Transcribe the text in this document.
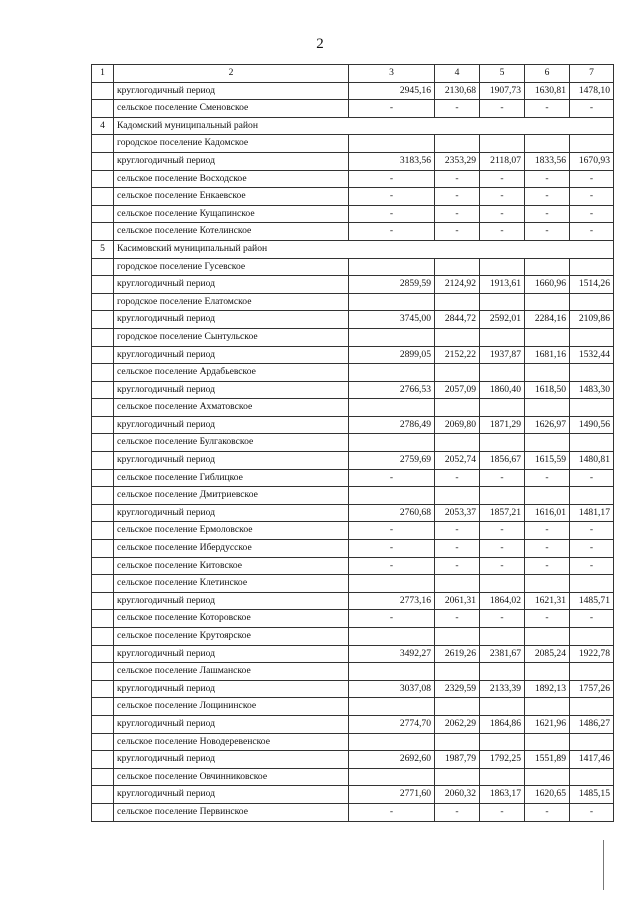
2
1	2	3	4	5	6	7
	круглогодичный период	2945,16	2130,68	1907,73	1630,81	1478,10
	сельское поселение Сменовское	-	-	-	-	-
4	Кадомский муниципальный район					
	городское поселение Кадомское					
	круглогодичный период	3183,56	2353,29	2118,07	1833,56	1670,93
	сельское поселение Восходское	-	-	-	-	-
	сельское поселение Енкаевское	-	-	-	-	-
	сельское поселение Кущапинское	-	-	-	-	-
	сельское поселение Котелинское	-	-	-	-	-
5	Касимовский муниципальный район					
	городское поселение Гусевское					
	круглогодичный период	2859,59	2124,92	1913,61	1660,96	1514,26
	городское поселение Елатомское					
	круглогодичный период	3745,00	2844,72	2592,01	2284,16	2109,86
	городское поселение Сынтульское					
	круглогодичный период	2899,05	2152,22	1937,87	1681,16	1532,44
	сельское поселение Ардабьевское					
	круглогодичный период	2766,53	2057,09	1860,40	1618,50	1483,30
	сельское поселение Ахматовское					
	круглогодичный период	2786,49	2069,80	1871,29	1626,97	1490,56
	сельское поселение Булгаковское					
	круглогодичный период	2759,69	2052,74	1856,67	1615,59	1480,81
	сельское поселение Гиблицкое	-	-	-	-	-
	сельское поселение Дмитриевское					
	круглогодичный период	2760,68	2053,37	1857,21	1616,01	1481,17
	сельское поселение Ермоловское	-	-	-	-	-
	сельское поселение Ибердусское	-	-	-	-	-
	сельское поселение Китовское	-	-	-	-	-
	сельское поселение Клетинское					
	круглогодичный период	2773,16	2061,31	1864,02	1621,31	1485,71
	сельское поселение Которовское	-	-	-	-	-
	сельское поселение Крутоярское					
	круглогодичный период	3492,27	2619,26	2381,67	2085,24	1922,78
	сельское поселение Лашманское					
	круглогодичный период	3037,08	2329,59	2133,39	1892,13	1757,26
	сельское поселение Лощининское					
	круглогодичный период	2774,70	2062,29	1864,86	1621,96	1486,27
	сельское поселение Новодеревенское					
	круглогодичный период	2692,60	1987,79	1792,25	1551,89	1417,46
	сельское поселение Овчинниковское					
	круглогодичный период	2771,60	2060,32	1863,17	1620,65	1485,15
	сельское поселение Первинское	-	-	-	-	-
